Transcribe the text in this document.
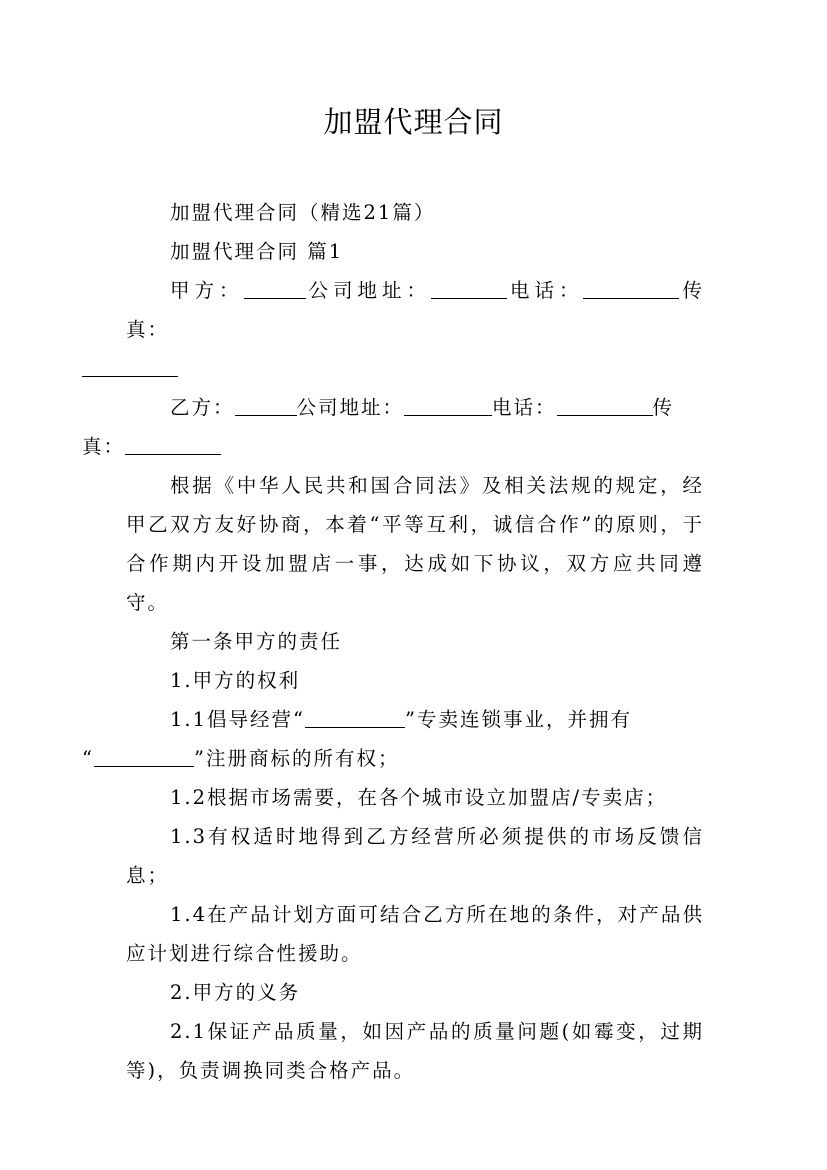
加盟代理合同

加盟代理合同（精选21篇）

加盟代理合同 篇1

甲方：	公司地址：	电话：	传真：

乙方：	公司地址：	电话：	传
真：

根据《中华人民共和国合同法》及相关法规的规定，经甲乙双方友好协商，本着“平等互利，诚信合作”的原则，于合作期内开设加盟店一事，达成如下协议，双方应共同遵守。

第一条甲方的责任

1.甲方的权利

1.1倡导经营“	”专卖连锁事业，并拥有
“	”注册商标的所有权；

1.2根据市场需要，在各个城市设立加盟店/专卖店；

1.3有权适时地得到乙方经营所必须提供的市场反馈信息；

1.4在产品计划方面可结合乙方所在地的条件，对产品供应计划进行综合性援助。

2.甲方的义务

2.1保证产品质量，如因产品的质量问题(如霉变，过期等)，负责调换同类合格产品。
